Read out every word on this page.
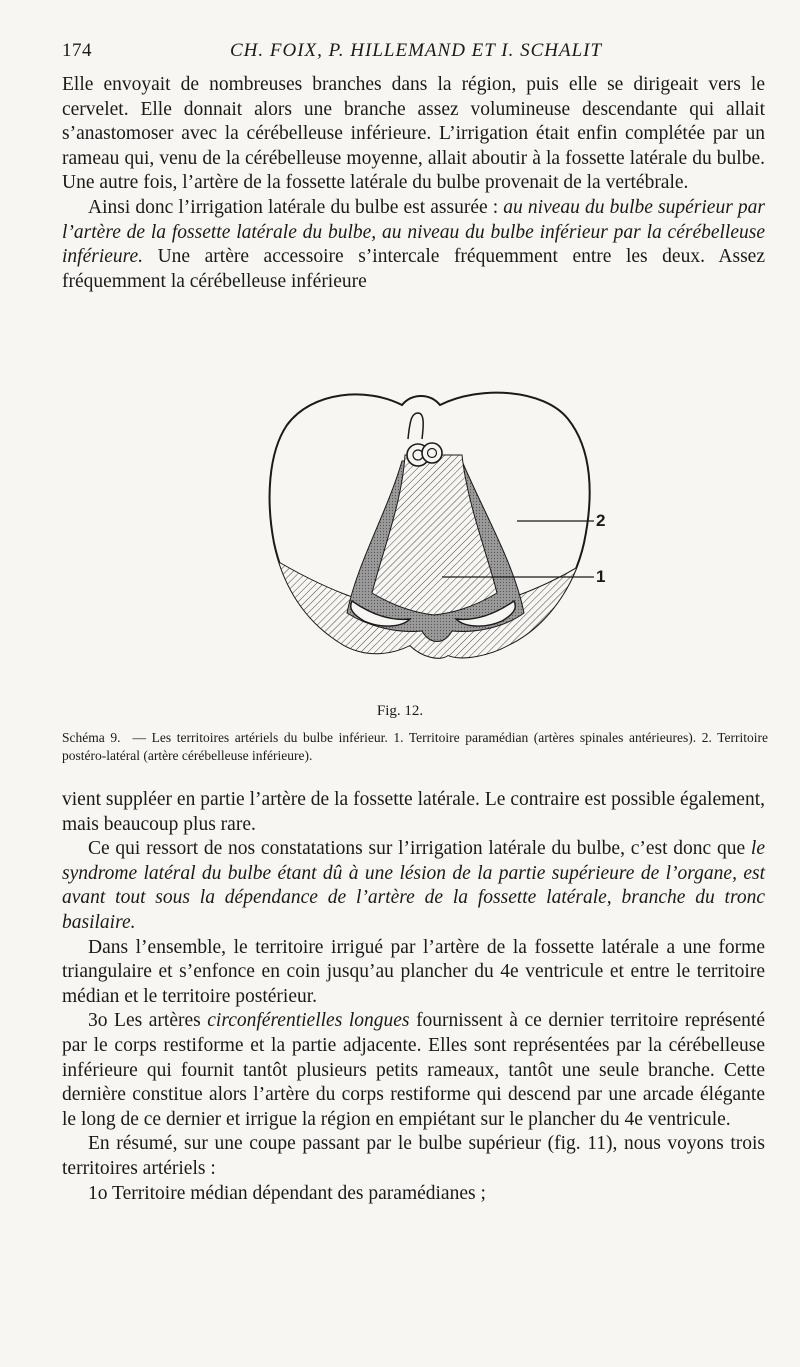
174	CH. FOIX, P. HILLEMAND ET I. SCHALIT

Elle envoyait de nombreuses branches dans la région, puis elle se dirigeait vers le cervelet. Elle donnait alors une branche assez volumineuse descendante qui allait s’anastomoser avec la cérébelleuse inférieure. L’irrigation était enfin complétée par un rameau qui, venu de la cérébelleuse moyenne, allait aboutir à la fossette latérale du bulbe. Une autre fois, l’artère de la fossette latérale du bulbe provenait de la vertébrale.

Ainsi donc l’irrigation latérale du bulbe est assurée : au niveau du bulbe supérieur par l’artère de la fossette latérale du bulbe, au niveau du bulbe inférieur par la cérébelleuse inférieure. Une artère accessoire s’intercale fréquemment entre les deux. Assez fréquemment la cérébelleuse inférieure

2
1
Fig. 12.
Schéma 9. — Les territoires artériels du bulbe inférieur. 1. Territoire paramédian (artères spinales antérieures). 2. Territoire postéro-latéral (artère cérébelleuse inférieure).

vient suppléer en partie l’artère de la fossette latérale. Le contraire est possible également, mais beaucoup plus rare.

Ce qui ressort de nos constatations sur l’irrigation latérale du bulbe, c’est donc que le syndrome latéral du bulbe étant dû à une lésion de la partie supérieure de l’organe, est avant tout sous la dépendance de l’artère de la fossette latérale, branche du tronc basilaire.

Dans l’ensemble, le territoire irrigué par l’artère de la fossette latérale a une forme triangulaire et s’enfonce en coin jusqu’au plancher du 4e ventricule et entre le territoire médian et le territoire postérieur.

3o Les artères circonférentielles longues fournissent à ce dernier territoire représenté par le corps restiforme et la partie adjacente. Elles sont représentées par la cérébelleuse inférieure qui fournit tantôt plusieurs petits rameaux, tantôt une seule branche. Cette dernière constitue alors l’artère du corps restiforme qui descend par une arcade élégante le long de ce dernier et irrigue la région en empiétant sur le plancher du 4e ventricule.

En résumé, sur une coupe passant par le bulbe supérieur (fig. 11), nous voyons trois territoires artériels :

1o Territoire médian dépendant des paramédianes ;
